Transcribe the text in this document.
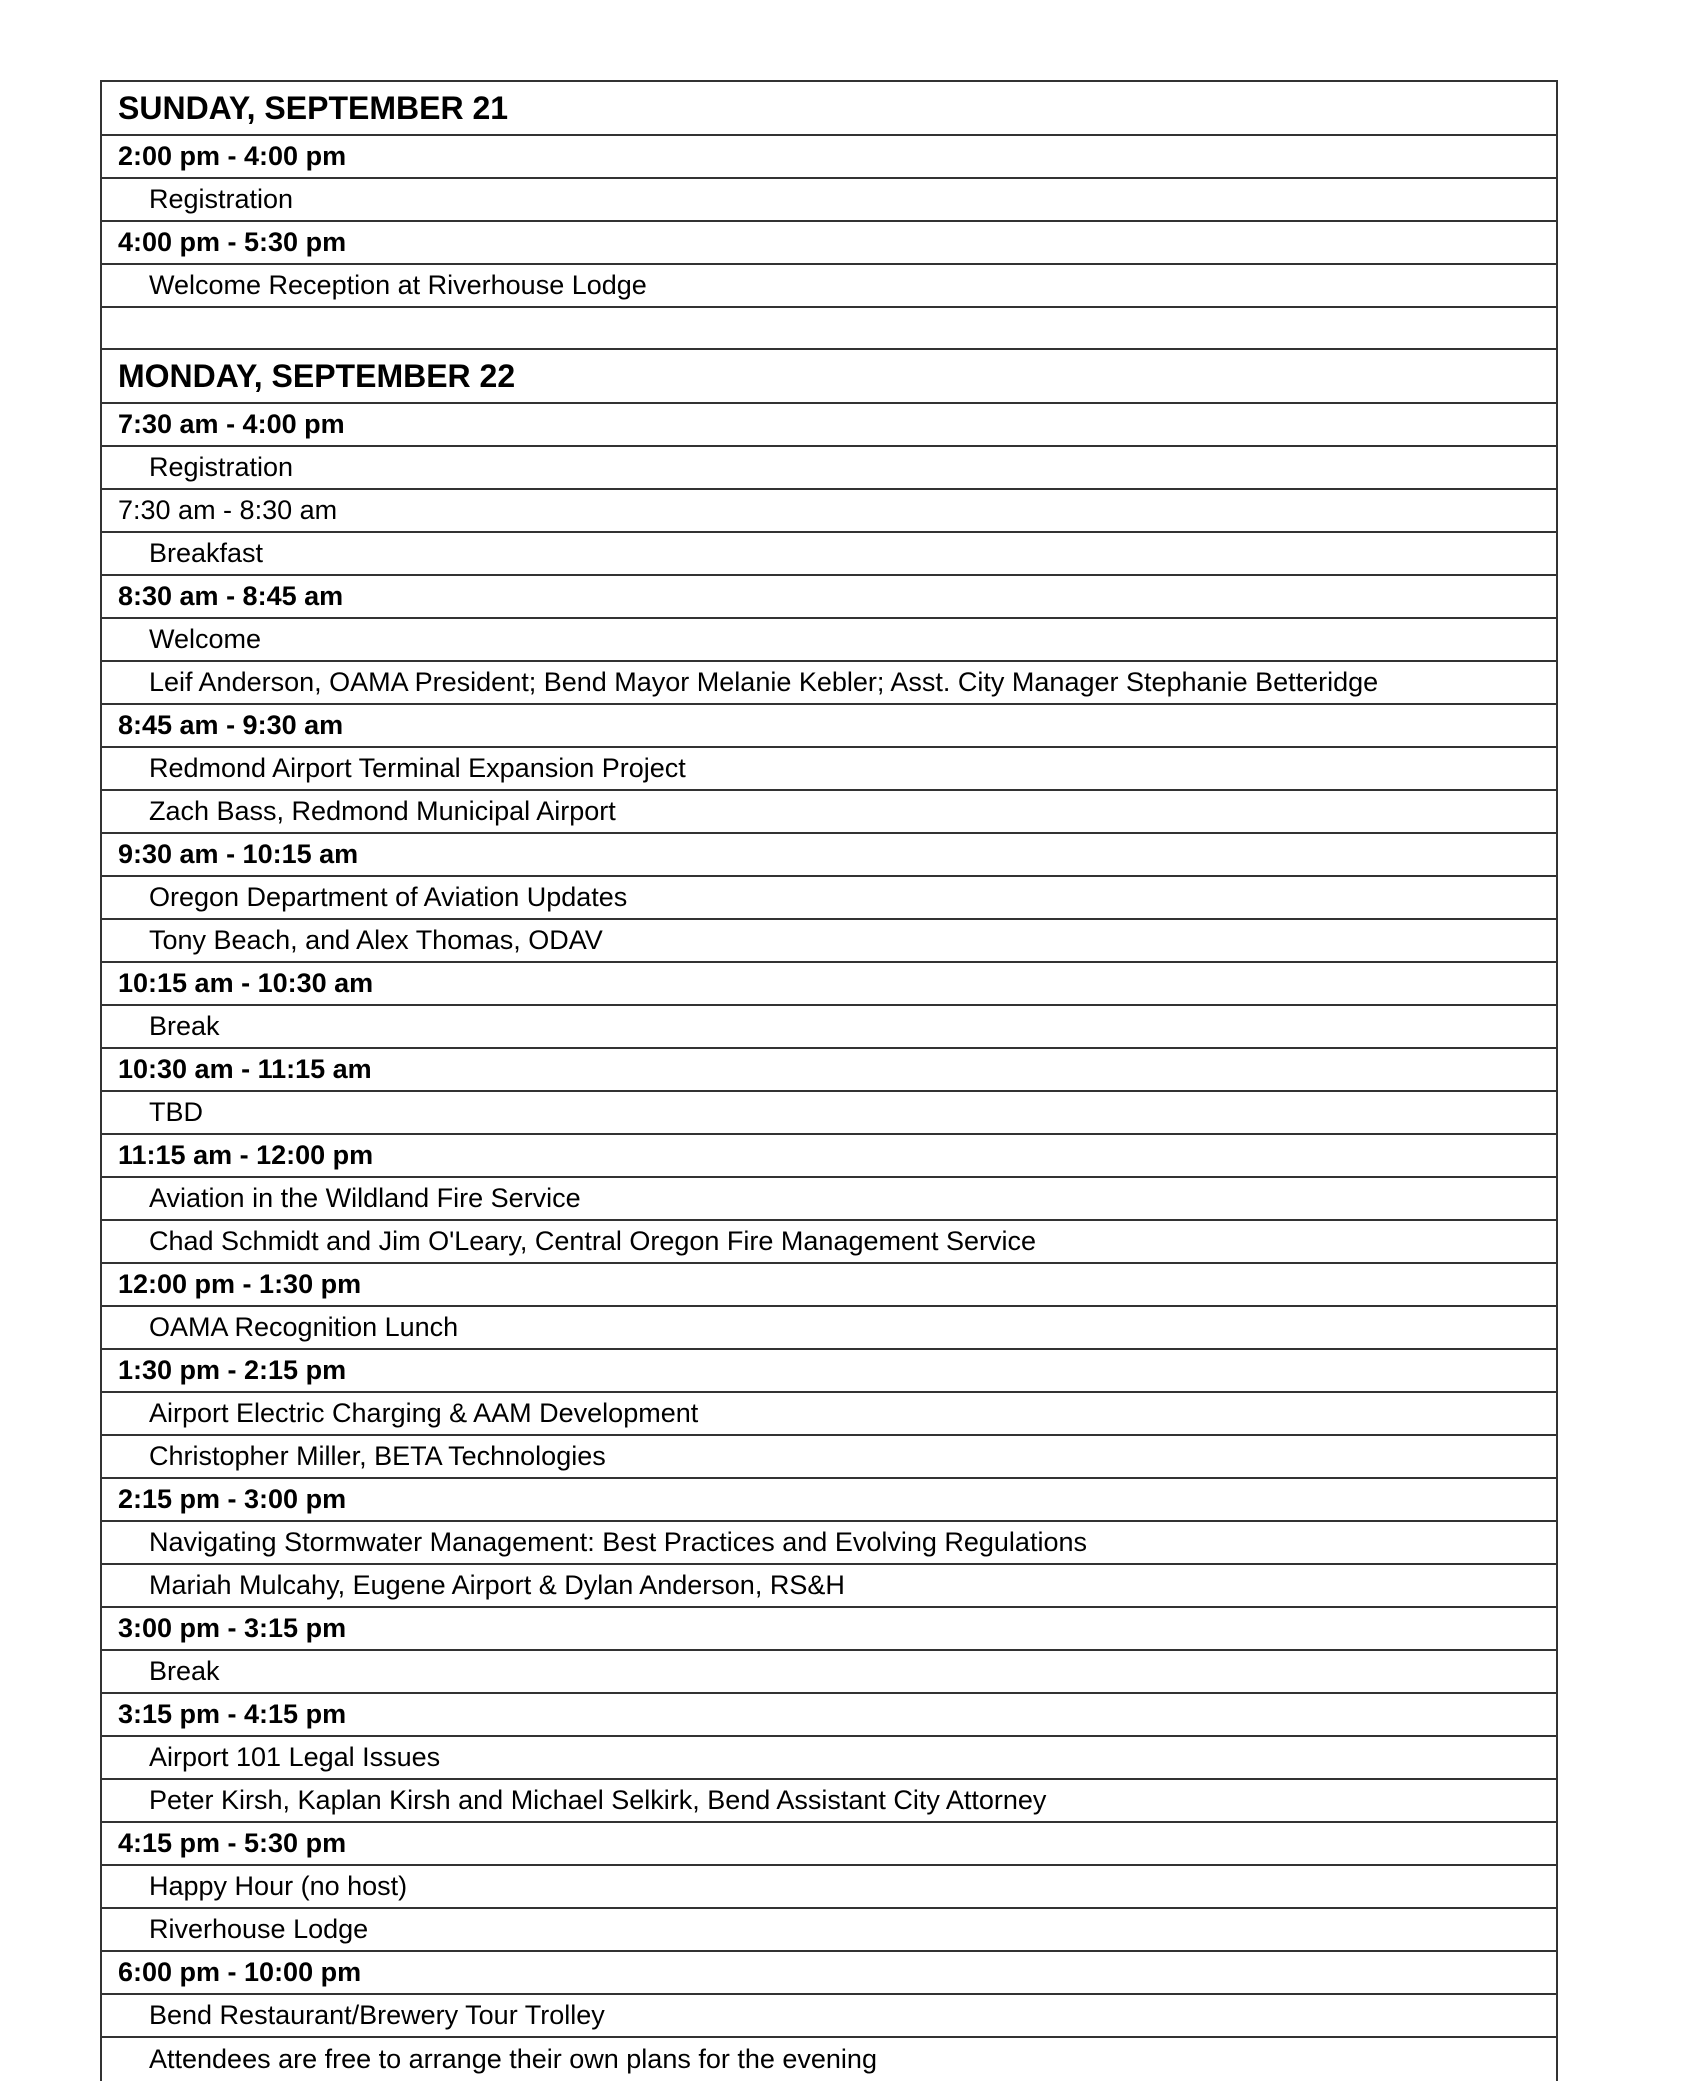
SUNDAY, SEPTEMBER 21
2:00 pm - 4:00 pm
Registration
4:00 pm - 5:30 pm
Welcome Reception at Riverhouse Lodge
MONDAY, SEPTEMBER 22
7:30 am - 4:00 pm
Registration
7:30 am - 8:30 am
Breakfast
8:30 am - 8:45 am
Welcome
Leif Anderson, OAMA President; Bend Mayor Melanie Kebler; Asst. City Manager Stephanie Betteridge
8:45 am - 9:30 am
Redmond Airport Terminal Expansion Project
Zach Bass, Redmond Municipal Airport
9:30 am - 10:15 am
Oregon Department of Aviation Updates
Tony Beach, and Alex Thomas, ODAV
10:15 am - 10:30 am
Break
10:30 am - 11:15 am
TBD
11:15 am - 12:00 pm
Aviation in the Wildland Fire Service
Chad Schmidt and Jim O'Leary, Central Oregon Fire Management Service
12:00 pm - 1:30 pm
OAMA Recognition Lunch
1:30 pm - 2:15 pm
Airport Electric Charging & AAM Development
Christopher Miller, BETA Technologies
2:15 pm - 3:00 pm
Navigating Stormwater Management: Best Practices and Evolving Regulations
Mariah Mulcahy, Eugene Airport & Dylan Anderson, RS&H
3:00 pm - 3:15 pm
Break
3:15 pm - 4:15 pm
Airport 101 Legal Issues
Peter Kirsh, Kaplan Kirsh and Michael Selkirk, Bend Assistant City Attorney
4:15 pm - 5:30 pm
Happy Hour (no host)
Riverhouse Lodge
6:00 pm - 10:00 pm
Bend Restaurant/Brewery Tour Trolley
Attendees are free to arrange their own plans for the evening
